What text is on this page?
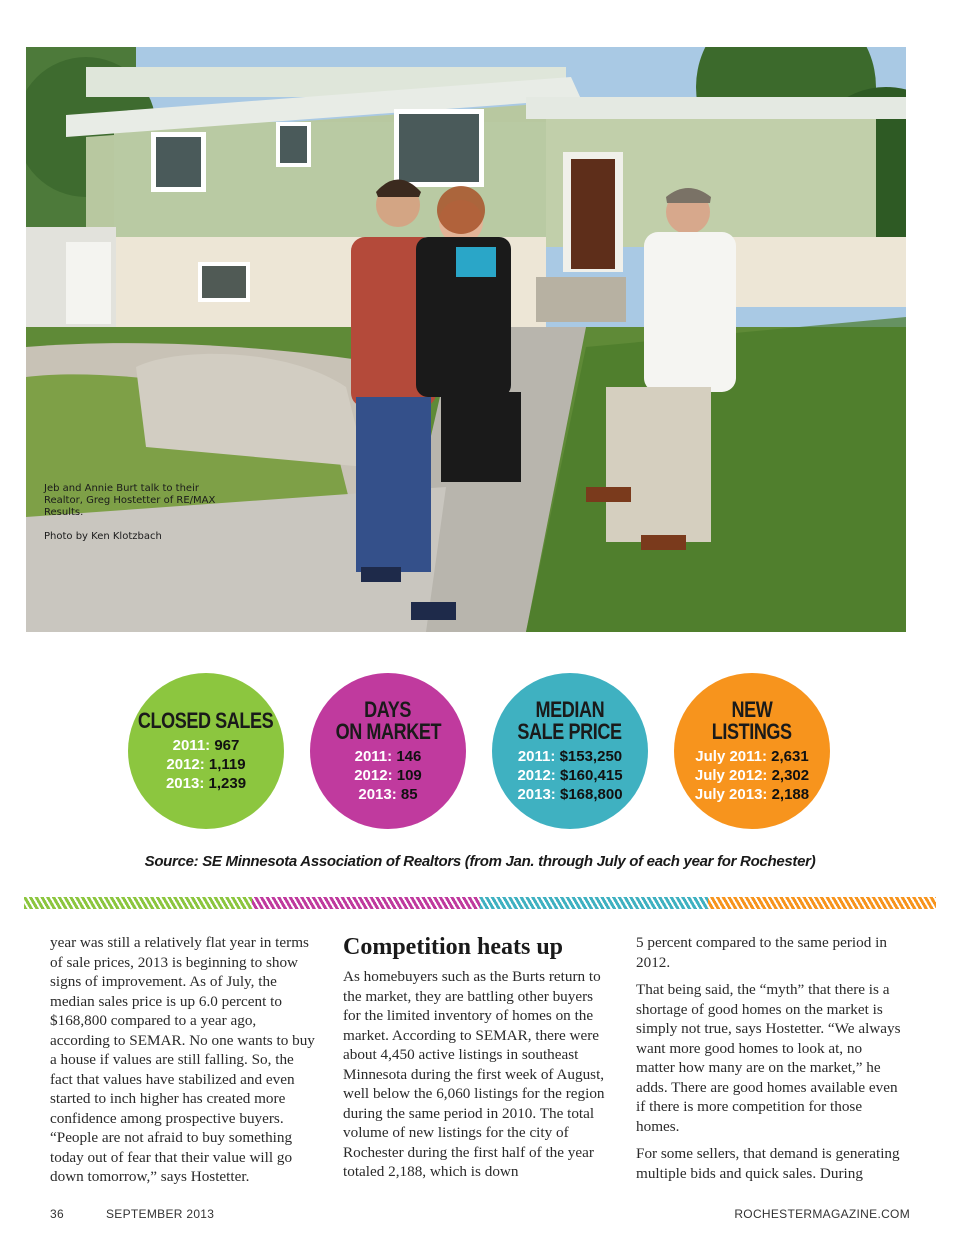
Jeb and Annie Burt talk to their Realtor, Greg Hostetter of RE/MAX Results.
Photo by Ken Klotzbach
CLOSED SALES
2011: 967
2012: 1,119
2013: 1,239
DAYS
ON MARKET
2011: 146
2012: 109
2013: 85
MEDIAN
SALE PRICE
2011: $153,250
2012: $160,415
2013: $168,800
NEW
LISTINGS
July 2011: 2,631
July 2012: 2,302
July 2013: 2,188
Source: SE Minnesota Association of Realtors (from Jan. through July of each year for Rochester)

year was still a relatively flat year in terms of sale prices, 2013 is beginning to show signs of improvement. As of July, the median sales price is up 6.0 percent to $168,800 compared to a year ago, according to SEMAR. No one wants to buy a house if values are still falling. So, the fact that values have stabilized and even started to inch higher has created more confidence among prospective buyers. “People are not afraid to buy something today out of fear that their value will go down tomorrow,” says Hostetter.

Competition heats up

As homebuyers such as the Burts return to the market, they are battling other buyers for the limited inventory of homes on the market. According to SEMAR, there were about 4,450 active listings in southeast Minnesota during the first week of August, well below the 6,060 listings for the region during the same period in 2010. The total volume of new listings for the city of Rochester during the first half of the year totaled 2,188, which is down

5 percent compared to the same period in 2012.

That being said, the “myth” that there is a shortage of good homes on the market is simply not true, says Hostetter. “We always want more good homes to look at, no matter how many are on the market,” he adds. There are good homes available even if there is more competition for those homes.

For some sellers, that demand is generating multiple bids and quick sales. During

36	SEPTEMBER 2013	ROCHESTERMAGAZINE.COM
